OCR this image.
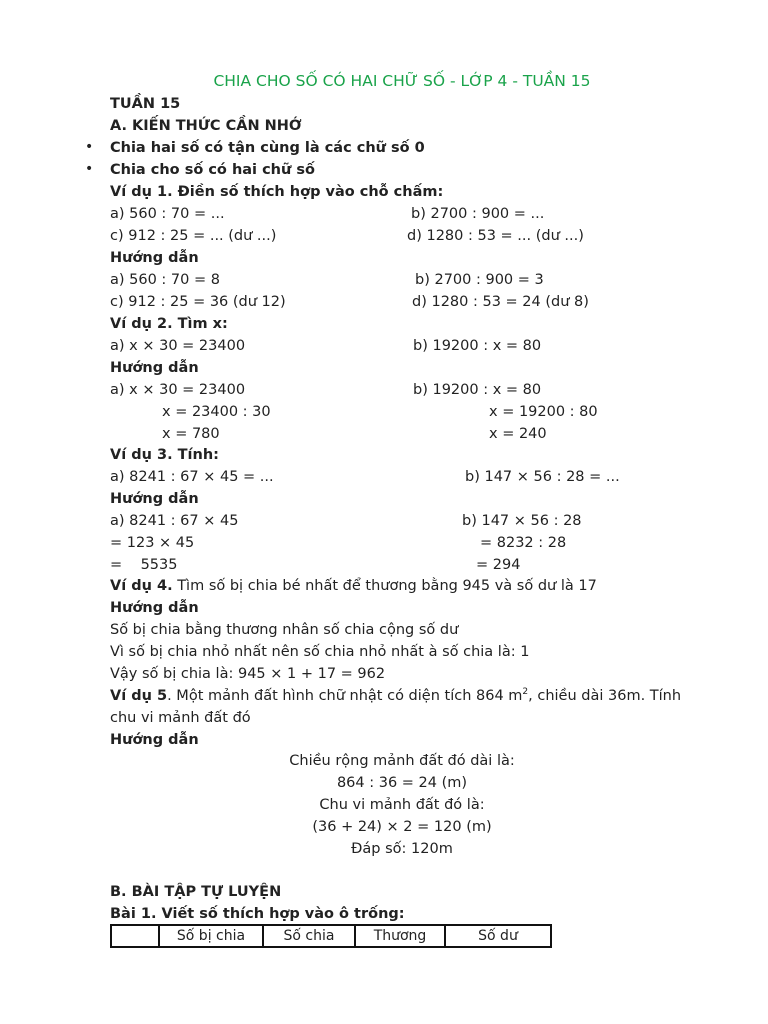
CHIA CHO SỐ CÓ HAI CHỮ SỐ - LỚP 4 - TUẦN 15
TUẦN 15
A. KIẾN THỨC CẦN NHỚ
• Chia hai số có tận cùng là các chữ số 0
• Chia cho số có hai chữ số
Ví dụ 1. Điền số thích hợp vào chỗ chấm:
a) 560 : 70 = ...	b) 2700 : 900 = ...
c) 912 : 25 = ... (dư ...)	d) 1280 : 53 = ... (dư ...)
Hướng dẫn
a) 560 : 70 = 8	b) 2700 : 900 = 3
c) 912 : 25 = 36 (dư 12)	d) 1280 : 53 = 24 (dư 8)
Ví dụ 2. Tìm x:
a) x × 30 = 23400	b) 19200 : x = 80
Hướng dẫn
a) x × 30 = 23400	b) 19200 : x = 80
x = 23400 : 30	x = 19200 : 80
x = 780	x = 240
Ví dụ 3. Tính:
a) 8241 : 67 × 45 = ...	b) 147 × 56 : 28 = ...
Hướng dẫn
a) 8241 : 67 × 45	b) 147 × 56 : 28
= 123 × 45	= 8232 : 28
=    5535	= 294
Ví dụ 4. Tìm số bị chia bé nhất để thương bằng 945 và số dư là 17
Hướng dẫn
Số bị chia bằng thương nhân số chia cộng số dư
Vì số bị chia nhỏ nhất nên số chia nhỏ nhất à số chia là: 1
Vậy số bị chia là: 945 × 1 + 17 = 962
Ví dụ 5. Một mảnh đất hình chữ nhật có diện tích 864 $m^2$, chiều dài 36m. Tính
chu vi mảnh đất đó
Hướng dẫn
Chiều rộng mảnh đất đó dài là:
864 : 36 = 24 (m)
Chu vi mảnh đất đó là:
(36 + 24) × 2 = 120 (m)
Đáp số: 120m
B. BÀI TẬP TỰ LUYỆN
Bài 1. Viết số thích hợp vào ô trống:
	Số bị chia	Số chia	Thương	Số dư
